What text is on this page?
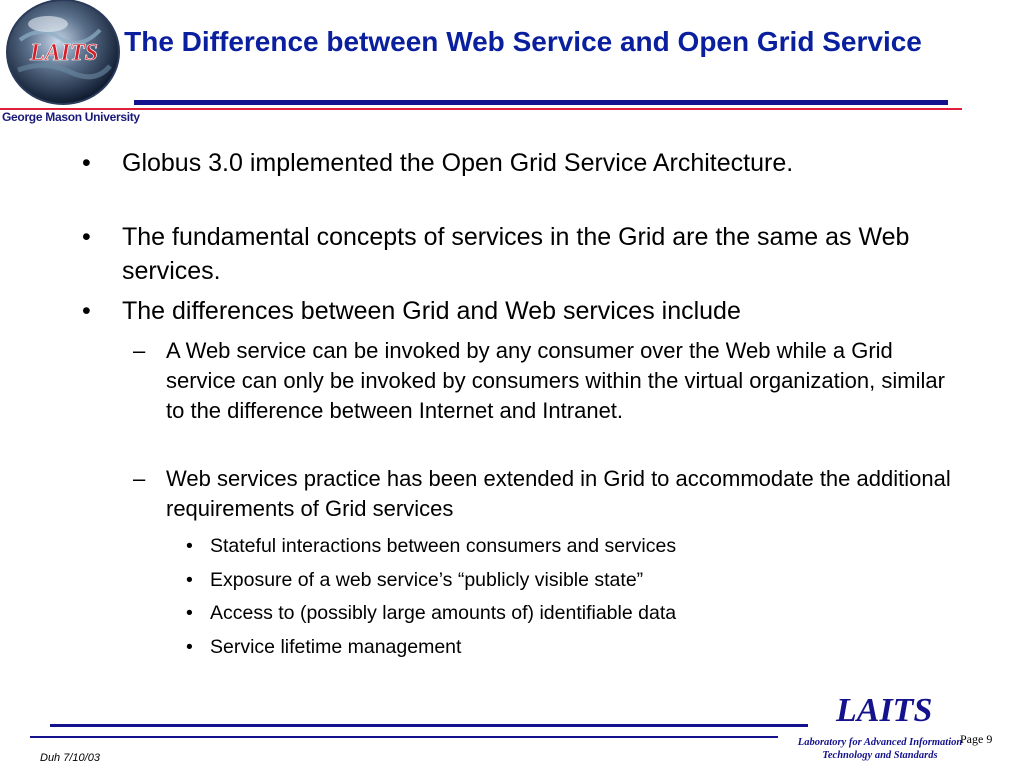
LAITS
George Mason University
The Difference between Web Service and Open Grid Service
• Globus 3.0 implemented the Open Grid Service Architecture.
• The fundamental concepts of services in the Grid are the same as Web services.
• The differences between Grid and Web services include
– A Web service can be invoked by any consumer over the Web while a Grid service can only be invoked by consumers within the virtual organization, similar to the difference between Internet and Intranet.
– Web services practice has been extended in Grid to accommodate the additional requirements of Grid services
• Stateful interactions between consumers and services
• Exposure of a web service’s “publicly visible state”
• Access to (possibly large amounts of) identifiable data
• Service lifetime management
LAITS
Laboratory for Advanced Information
Technology and Standards
Page 9
Duh 7/10/03
